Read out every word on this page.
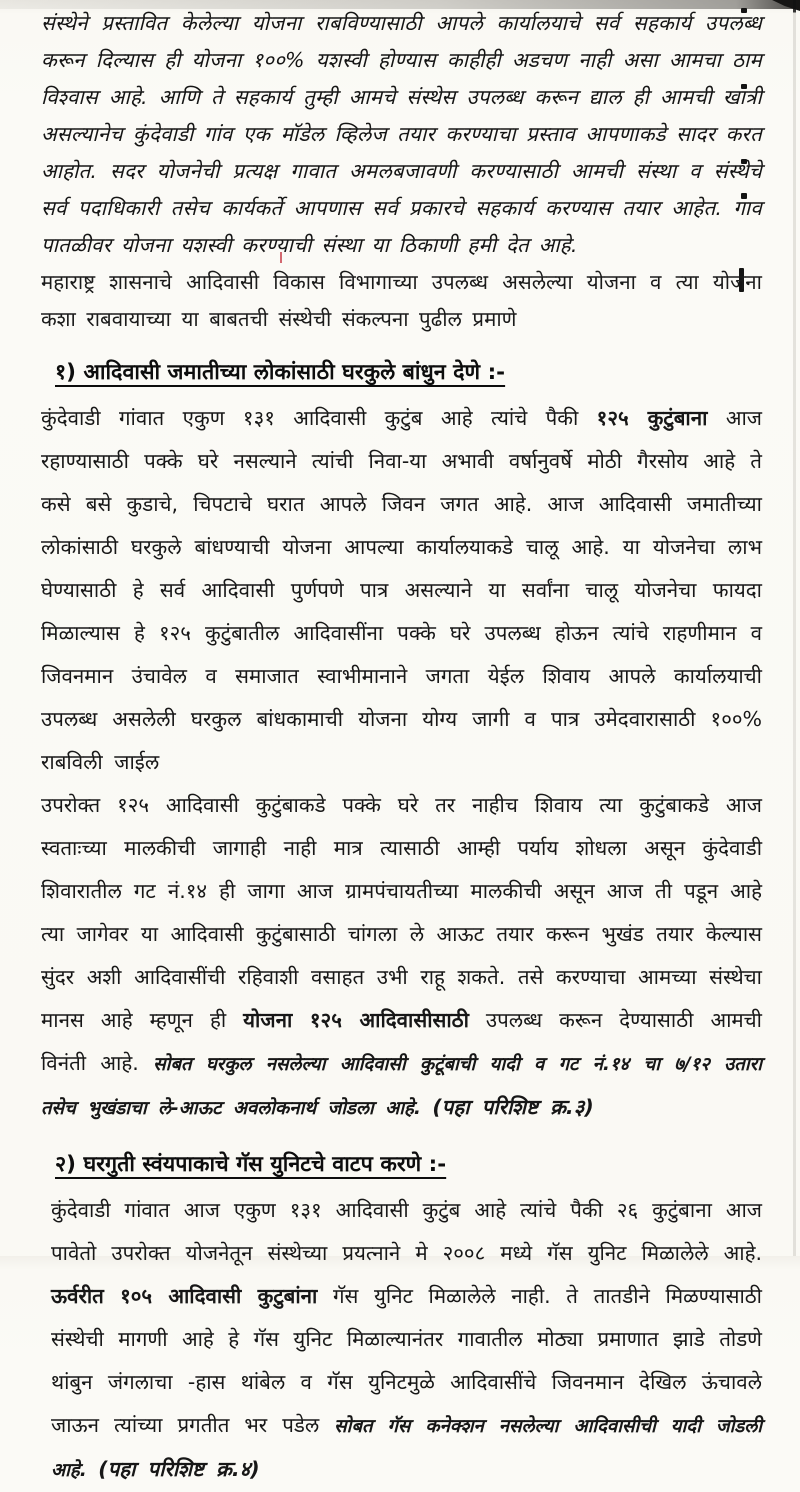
संस्थेने प्रस्तावित केलेल्या योजना राबविण्यासाठी आपले कार्यालयाचे सर्व सहकार्य उपलब्ध करून दिल्यास ही योजना १००% यशस्वी होण्यास काहीही अडचण नाही असा आमचा ठाम विश्वास आहे. आणि ते सहकार्य तुम्ही आमचे संस्थेस उपलब्ध करून द्याल ही आमची खात्री असल्यानेच कुंदेवाडी गांव एक मॉडेल व्हिलेज तयार करण्याचा प्रस्ताव आपणाकडे सादर करत आहोत. सदर योजनेची प्रत्यक्ष गावात अमलबजावणी करण्यासाठी आमची संस्था व संस्थेचे सर्व पदाधिकारी तसेच कार्यकर्ते आपणास सर्व प्रकारचे सहकार्य करण्यास तयार आहेत. गाव पातळीवर योजना यशस्वी करण्याची संस्था या ठिकाणी हमी देत आहे.

महाराष्ट्र शासनाचे आदिवासी विकास विभागाच्या उपलब्ध असलेल्या योजना व त्या योजना कशा राबवायाच्या या बाबतची संस्थेची संकल्पना पुढील प्रमाणे

१) आदिवासी जमातीच्या लोकांसाठी घरकुले बांधुन देणे :-

कुंदेवाडी गांवात एकुण १३१ आदिवासी कुटुंब आहे त्यांचे पैकी १२५ कुटुंबाना आज रहाण्यासाठी पक्के घरे नसल्याने त्यांची निवा-या अभावी वर्षानुवर्षे मोठी गैरसोय आहे ते कसे बसे कुडाचे, चिपटाचे घरात आपले जिवन जगत आहे. आज आदिवासी जमातीच्या लोकांसाठी घरकुले बांधण्याची योजना आपल्या कार्यालयाकडे चालू आहे. या योजनेचा लाभ घेण्यासाठी हे सर्व आदिवासी पुर्णपणे पात्र असल्याने या सर्वांना चालू योजनेचा फायदा मिळाल्यास हे १२५ कुटुंबातील आदिवासींना पक्के घरे उपलब्ध होऊन त्यांचे राहणीमान व जिवनमान उंचावेल व समाजात स्वाभीमानाने जगता येईल शिवाय आपले कार्यालयाची उपलब्ध असलेली घरकुल बांधकामाची योजना योग्य जागी व पात्र उमेदवारासाठी १००% राबविली जाईल

उपरोक्त १२५ आदिवासी कुटुंबाकडे पक्के घरे तर नाहीच शिवाय त्या कुटुंबाकडे आज स्वताःच्या मालकीची जागाही नाही मात्र त्यासाठी आम्ही पर्याय शोधला असून कुंदेवाडी शिवारातील गट नं.१४ ही जागा आज ग्रामपंचायतीच्या मालकीची असून आज ती पडून आहे त्या जागेवर या आदिवासी कुटुंबासाठी चांगला ले आऊट तयार करून भुखंड तयार केल्यास सुंदर अशी आदिवासींची रहिवाशी वसाहत उभी राहू शकते. तसे करण्याचा आमच्या संस्थेचा मानस आहे म्हणून ही योजना १२५ आदिवासीसाठी उपलब्ध करून देण्यासाठी आमची विनंती आहे. सोबत घरकुल नसलेल्या आदिवासी कुटूंबाची यादी व गट नं.१४ चा ७/१२ उतारा तसेच भुखंडाचा ले-आऊट अवलोकनार्थ जोडला आहे. (पहा परिशिष्ट क्र.३)

२) घरगुती स्वंयपाकाचे गॅस युनिटचे वाटप करणे :-

कुंदेवाडी गांवात आज एकुण १३१ आदिवासी कुटुंब आहे त्यांचे पैकी २६ कुटुंबाना आज पावेतो उपरोक्त योजनेतून संस्थेच्या प्रयत्नाने मे २००८ मध्ये गॅस युनिट मिळालेले आहे. ऊर्वरीत १०५ आदिवासी कुटुबांना गॅस युनिट मिळालेले नाही. ते तातडीने मिळण्यासाठी संस्थेची मागणी आहे हे गॅस युनिट मिळाल्यानंतर गावातील मोठ्या प्रमाणात झाडे तोडणे थांबुन जंगलाचा -हास थांबेल व गॅस युनिटमुळे आदिवासींचे जिवनमान देखिल ऊंचावले जाऊन त्यांच्या प्रगतीत भर पडेल सोबत गॅस कनेक्शन नसलेल्या आदिवासीची यादी जोडली आहे. (पहा परिशिष्ट क्र.४)
